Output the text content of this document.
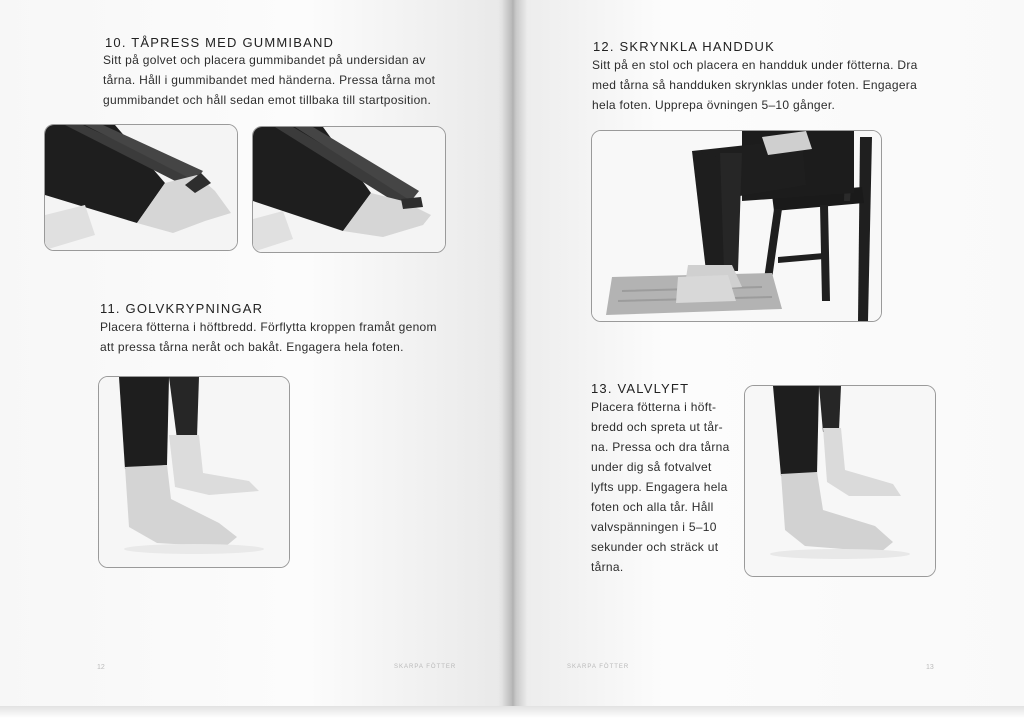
10. TÅPRESS MED GUMMIBAND
Sitt på golvet och placera gummibandet på undersidan av
tårna. Håll i gummibandet med händerna. Pressa tårna mot
gummibandet och håll sedan emot tillbaka till startposition.
11. GOLVKRYPNINGAR
Placera fötterna i höftbredd. Förflytta kroppen framåt genom
att pressa tårna neråt och bakåt. Engagera hela foten.
12. SKRYNKLA HANDDUK
Sitt på en stol och placera en handduk under fötterna. Dra
med tårna så handduken skrynklas under foten. Engagera
hela foten. Upprepa övningen 5–10 gånger.
13. VALVLYFT
Placera fötterna i höft-
bredd och spreta ut tår-
na. Pressa och dra tårna
under dig så fotvalvet
lyfts upp. Engagera hela
foten och alla tår. Håll
valvspänningen i 5–10
sekunder och sträck ut
tårna.
12	SKARPA FÖTTER	SKARPA FÖTTER	13
